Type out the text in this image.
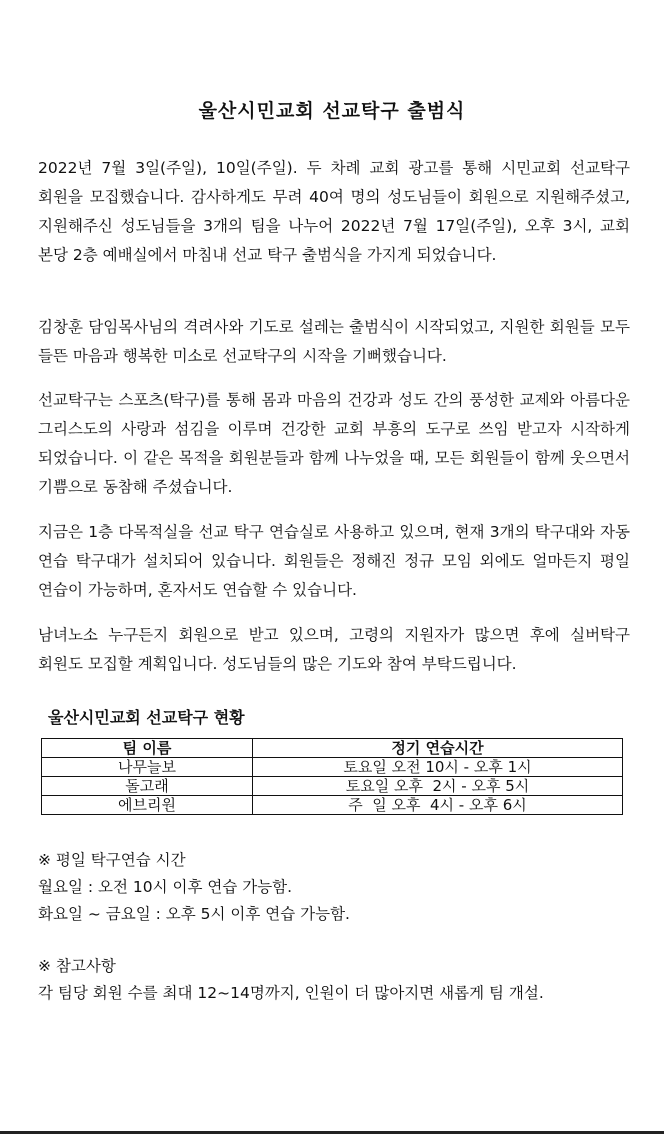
울산시민교회 선교탁구 출범식

2022년 7월 3일(주일), 10일(주일). 두 차례 교회 광고를 통해 시민교회 선교탁구 회원을 모집했습니다. 감사하게도 무려 40여 명의 성도님들이 회원으로 지원해주셨고, 지원해주신 성도님들을 3개의 팀을 나누어 2022년 7월 17일(주일), 오후 3시, 교회 본당 2층 예배실에서 마침내 선교 탁구 출범식을 가지게 되었습니다.

김창훈 담임목사님의 격려사와 기도로 설레는 출범식이 시작되었고, 지원한 회원들 모두 들뜬 마음과 행복한 미소로 선교탁구의 시작을 기뻐했습니다.

선교탁구는 스포츠(탁구)를 통해 몸과 마음의 건강과 성도 간의 풍성한 교제와 아름다운 그리스도의 사랑과 섬김을 이루며 건강한 교회 부흥의 도구로 쓰임 받고자 시작하게 되었습니다. 이 같은 목적을 회원분들과 함께 나누었을 때, 모든 회원들이 함께 웃으면서 기쁨으로 동참해 주셨습니다.

지금은 1층 다목적실을 선교 탁구 연습실로 사용하고 있으며, 현재 3개의 탁구대와 자동 연습 탁구대가 설치되어 있습니다. 회원들은 정해진 정규 모임 외에도 얼마든지 평일 연습이 가능하며, 혼자서도 연습할 수 있습니다.

남녀노소 누구든지 회원으로 받고 있으며, 고령의 지원자가 많으면 후에 실버탁구 회원도 모집할 계획입니다. 성도님들의 많은 기도와 참여 부탁드립니다.

울산시민교회 선교탁구 현황
팀 이름	정기 연습시간
나무늘보	토요일 오전 10시 - 오후 1시
돌고래	토요일 오후  2시 - 오후 5시
에브리원	주  일 오후  4시 - 오후 6시
※ 평일 탁구연습 시간
월요일 : 오전 10시 이후 연습 가능함.
화요일 ~ 금요일 : 오후 5시 이후 연습 가능함.
※ 참고사항
각 팀당 회원 수를 최대 12~14명까지, 인원이 더 많아지면 새롭게 팀 개설.
